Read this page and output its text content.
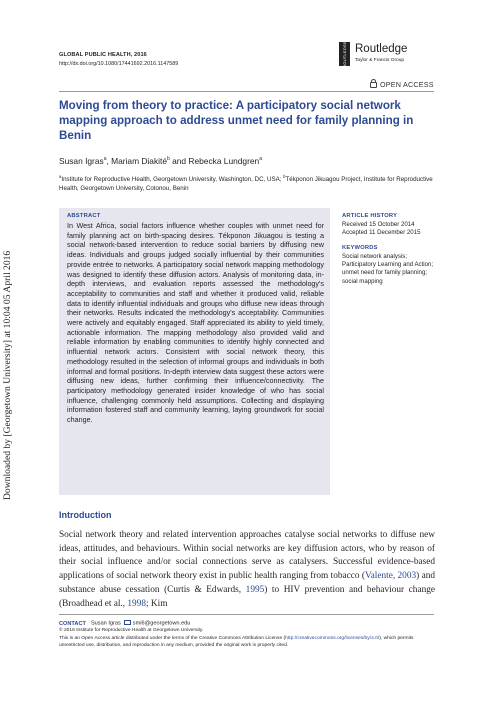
Downloaded by [Georgetown University] at 10:04 05 April 2016
GLOBAL PUBLIC HEALTH, 2016
http://dx.doi.org/10.1080/17441692.2016.1147589	ROUTLEDGE Routledge
Taylor & Francis Group
OPEN ACCESS
Moving from theory to practice: A participatory social network mapping approach to address unmet need for family planning in Benin
Susan Igras$^a$, Mariam Diakité$^b$ and Rebecka Lundgren$^a$
$^a$Institute for Reproductive Health, Georgetown University, Washington, DC, USA; $^b$Tékponon Jikuagou Project, Institute for Reproductive Health, Georgetown University, Cotonou, Benin
ABSTRACT
In West Africa, social factors influence whether couples with unmet need for family planning act on birth-spacing desires. Tékponon Jikuagou is testing a social network-based intervention to reduce social barriers by diffusing new ideas. Individuals and groups judged socially influential by their communities provide entrée to networks. A participatory social network mapping methodology was designed to identify these diffusion actors. Analysis of monitoring data, in-depth interviews, and evaluation reports assessed the methodology's acceptability to communities and staff and whether it produced valid, reliable data to identify influential individuals and groups who diffuse new ideas through their networks. Results indicated the methodology's acceptability. Communities were actively and equitably engaged. Staff appreciated its ability to yield timely, actionable information. The mapping methodology also provided valid and reliable information by enabling communities to identify highly connected and influential network actors. Consistent with social network theory, this methodology resulted in the selection of informal groups and individuals in both informal and formal positions. In-depth interview data suggest these actors were diffusing new ideas, further confirming their influence/connectivity. The participatory methodology generated insider knowledge of who has social influence, challenging commonly held assumptions. Collecting and displaying information fostered staff and community learning, laying groundwork for social change.
ARTICLE HISTORY
Received 15 October 2014
Accepted 11 December 2015
KEYWORDS
Social network analysis; Participatory Learning and Action; unmet need for family planning; social mapping
Introduction
Social network theory and related intervention approaches catalyse social networks to diffuse new ideas, attitudes, and behaviours. Within social networks are key diffusion actors, who by reason of their social influence and/or social connections serve as catalysers. Successful evidence-based applications of social network theory exist in public health ranging from tobacco (Valente, 2003) and substance abuse cessation (Curtis & Edwards, 1995) to HIV prevention and behaviour change (Broadhead et al., 1998; Kim
CONTACT Susan Igras smi6@georgetown.edu
© 2016 Institute for Reproductive Health at Georgetown University.
This is an Open Access article distributed under the terms of the Creative Commons Attribution License (http://creativecommons.org/licenses/by/4.0/), which permits unrestricted use, distribution, and reproduction in any medium, provided the original work is properly cited.
